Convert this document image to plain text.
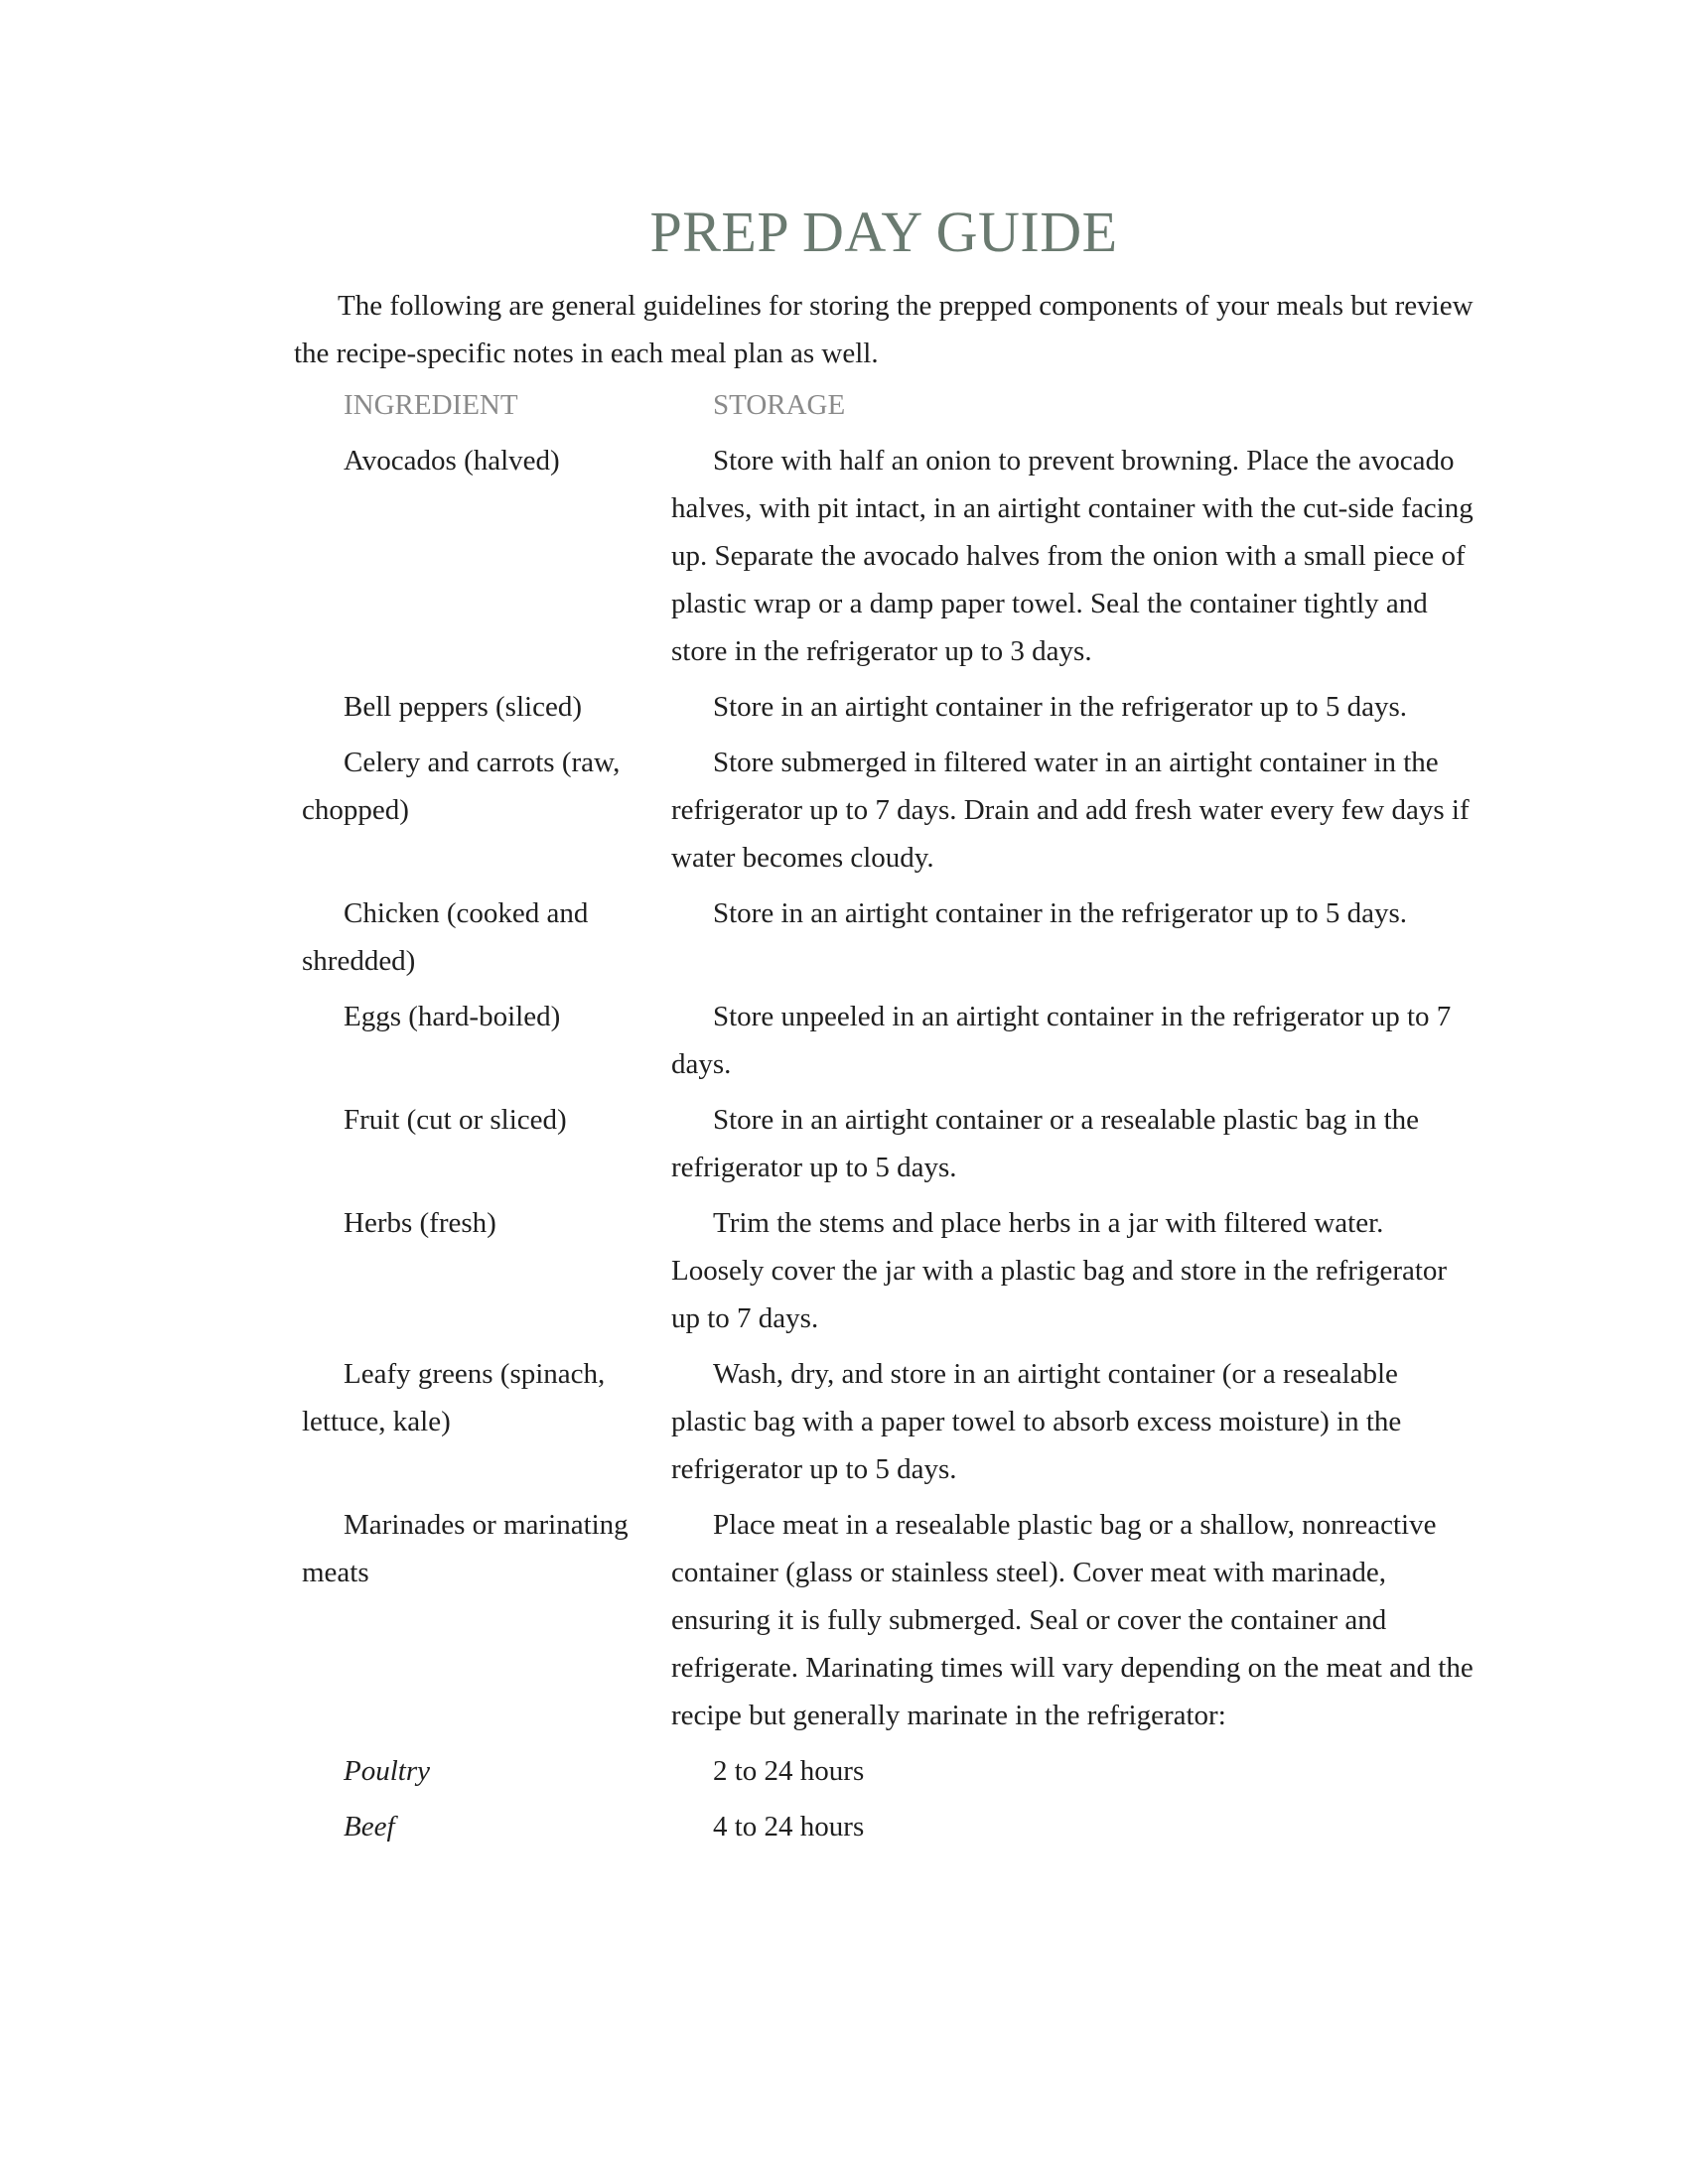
PREP DAY GUIDE

The following are general guidelines for storing the prepped components of your meals but review the recipe-specific notes in each meal plan as well.

INGREDIENT	STORAGE
Avocados (halved)	Store with half an onion to prevent browning. Place the avocado halves, with pit intact, in an airtight container with the cut-side facing up. Separate the avocado halves from the onion with a small piece of plastic wrap or a damp paper towel. Seal the container tightly and store in the refrigerator up to 3 days.
Bell peppers (sliced)	Store in an airtight container in the refrigerator up to 5 days.
Celery and carrots (raw, chopped)	Store submerged in filtered water in an airtight container in the refrigerator up to 7 days. Drain and add fresh water every few days if water becomes cloudy.
Chicken (cooked and shredded)	Store in an airtight container in the refrigerator up to 5 days.
Eggs (hard-boiled)	Store unpeeled in an airtight container in the refrigerator up to 7 days.
Fruit (cut or sliced)	Store in an airtight container or a resealable plastic bag in the refrigerator up to 5 days.
Herbs (fresh)	Trim the stems and place herbs in a jar with filtered water. Loosely cover the jar with a plastic bag and store in the refrigerator up to 7 days.
Leafy greens (spinach, lettuce, kale)	Wash, dry, and store in an airtight container (or a resealable plastic bag with a paper towel to absorb excess moisture) in the refrigerator up to 5 days.
Marinades or marinating meats	Place meat in a resealable plastic bag or a shallow, nonreactive container (glass or stainless steel). Cover meat with marinade, ensuring it is fully submerged. Seal or cover the container and refrigerate. Marinating times will vary depending on the meat and the recipe but generally marinate in the refrigerator:
Poultry	2 to 24 hours
Beef	4 to 24 hours
